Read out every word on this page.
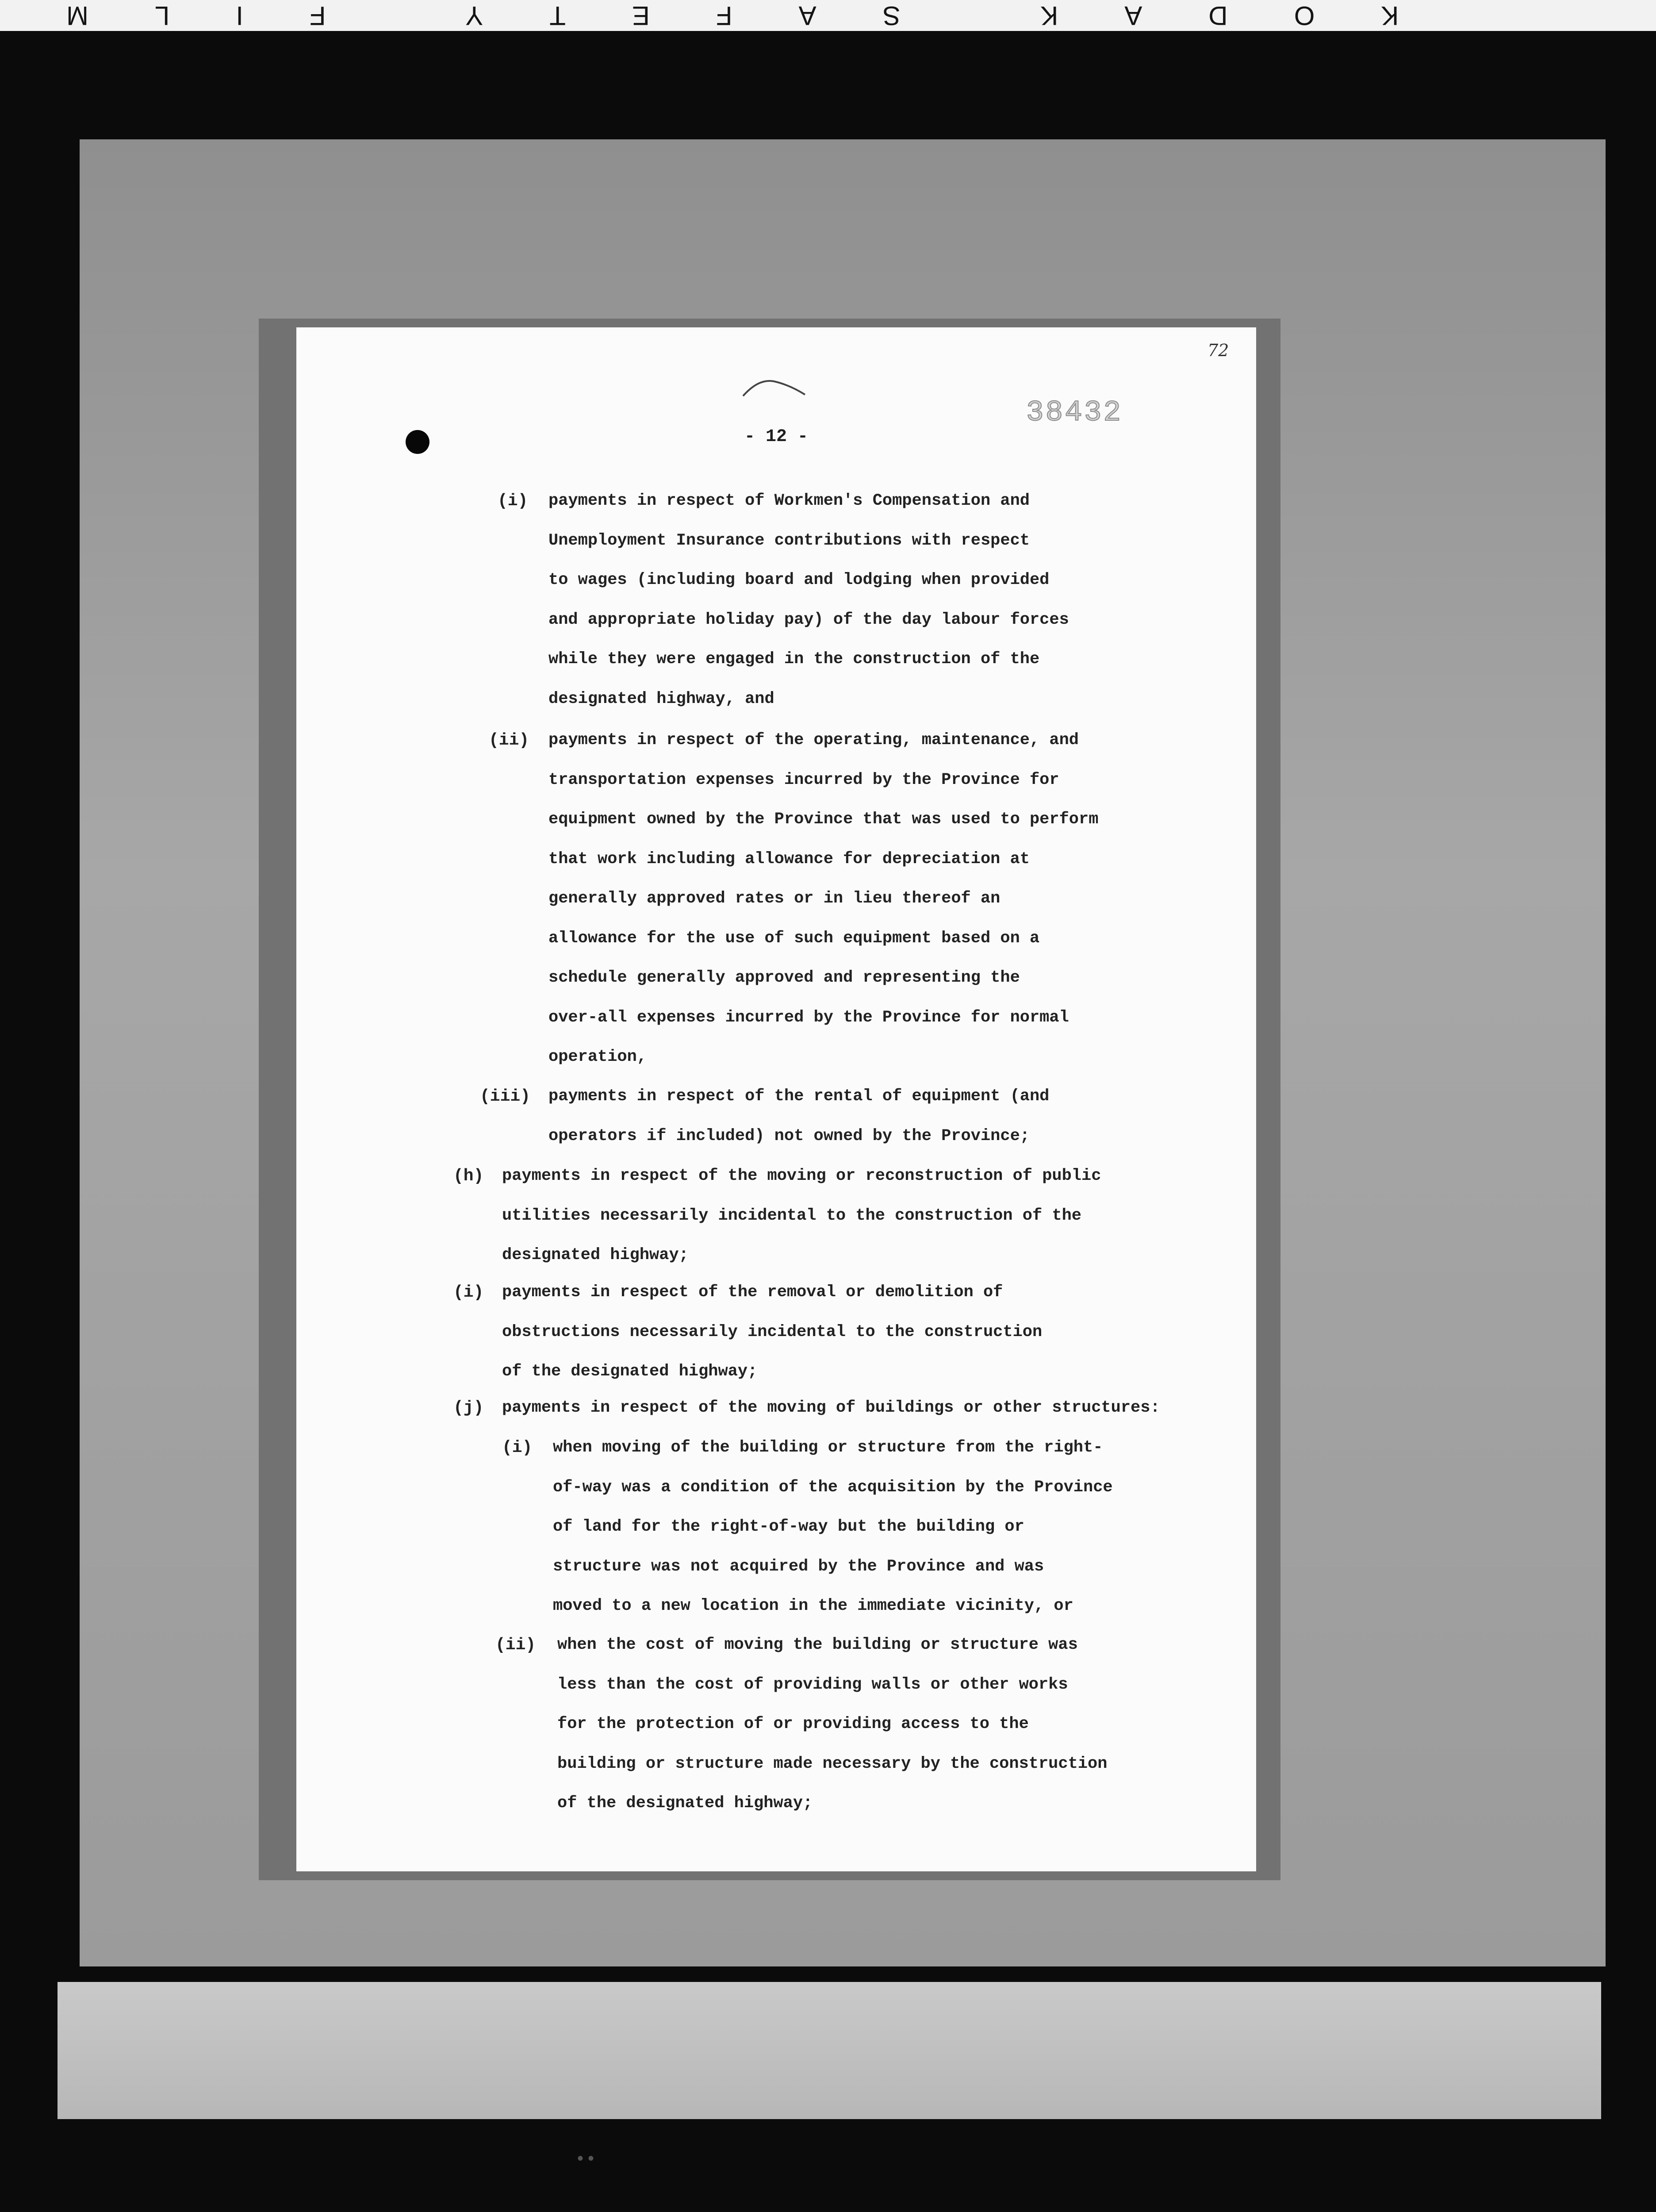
KODAK SAFETY FILM
••
72
38432
- 12 -
(i) payments in respect of Workmen's Compensation and
Unemployment Insurance contributions with respect
to wages (including board and lodging when provided
and appropriate holiday pay) of the day labour forces
while they were engaged in the construction of the
designated highway, and
(ii) payments in respect of the operating, maintenance, and
transportation expenses incurred by the Province for
equipment owned by the Province that was used to perform
that work including allowance for depreciation at
generally approved rates or in lieu thereof an
allowance for the use of such equipment based on a
schedule generally approved and representing the
over-all expenses incurred by the Province for normal
operation,
(iii) payments in respect of the rental of equipment (and
operators if included) not owned by the Province;
(h) payments in respect of the moving or reconstruction of public
utilities necessarily incidental to the construction of the
designated highway;
(i) payments in respect of the removal or demolition of
obstructions necessarily incidental to the construction
of the designated highway;
(j) payments in respect of the moving of buildings or other structures:
(i) when moving of the building or structure from the right-
of-way was a condition of the acquisition by the Province
of land for the right-of-way but the building or
structure was not acquired by the Province and was
moved to a new location in the immediate vicinity, or
(ii) when the cost of moving the building or structure was
less than the cost of providing walls or other works
for the protection of or providing access to the
building or structure made necessary by the construction
of the designated highway;
